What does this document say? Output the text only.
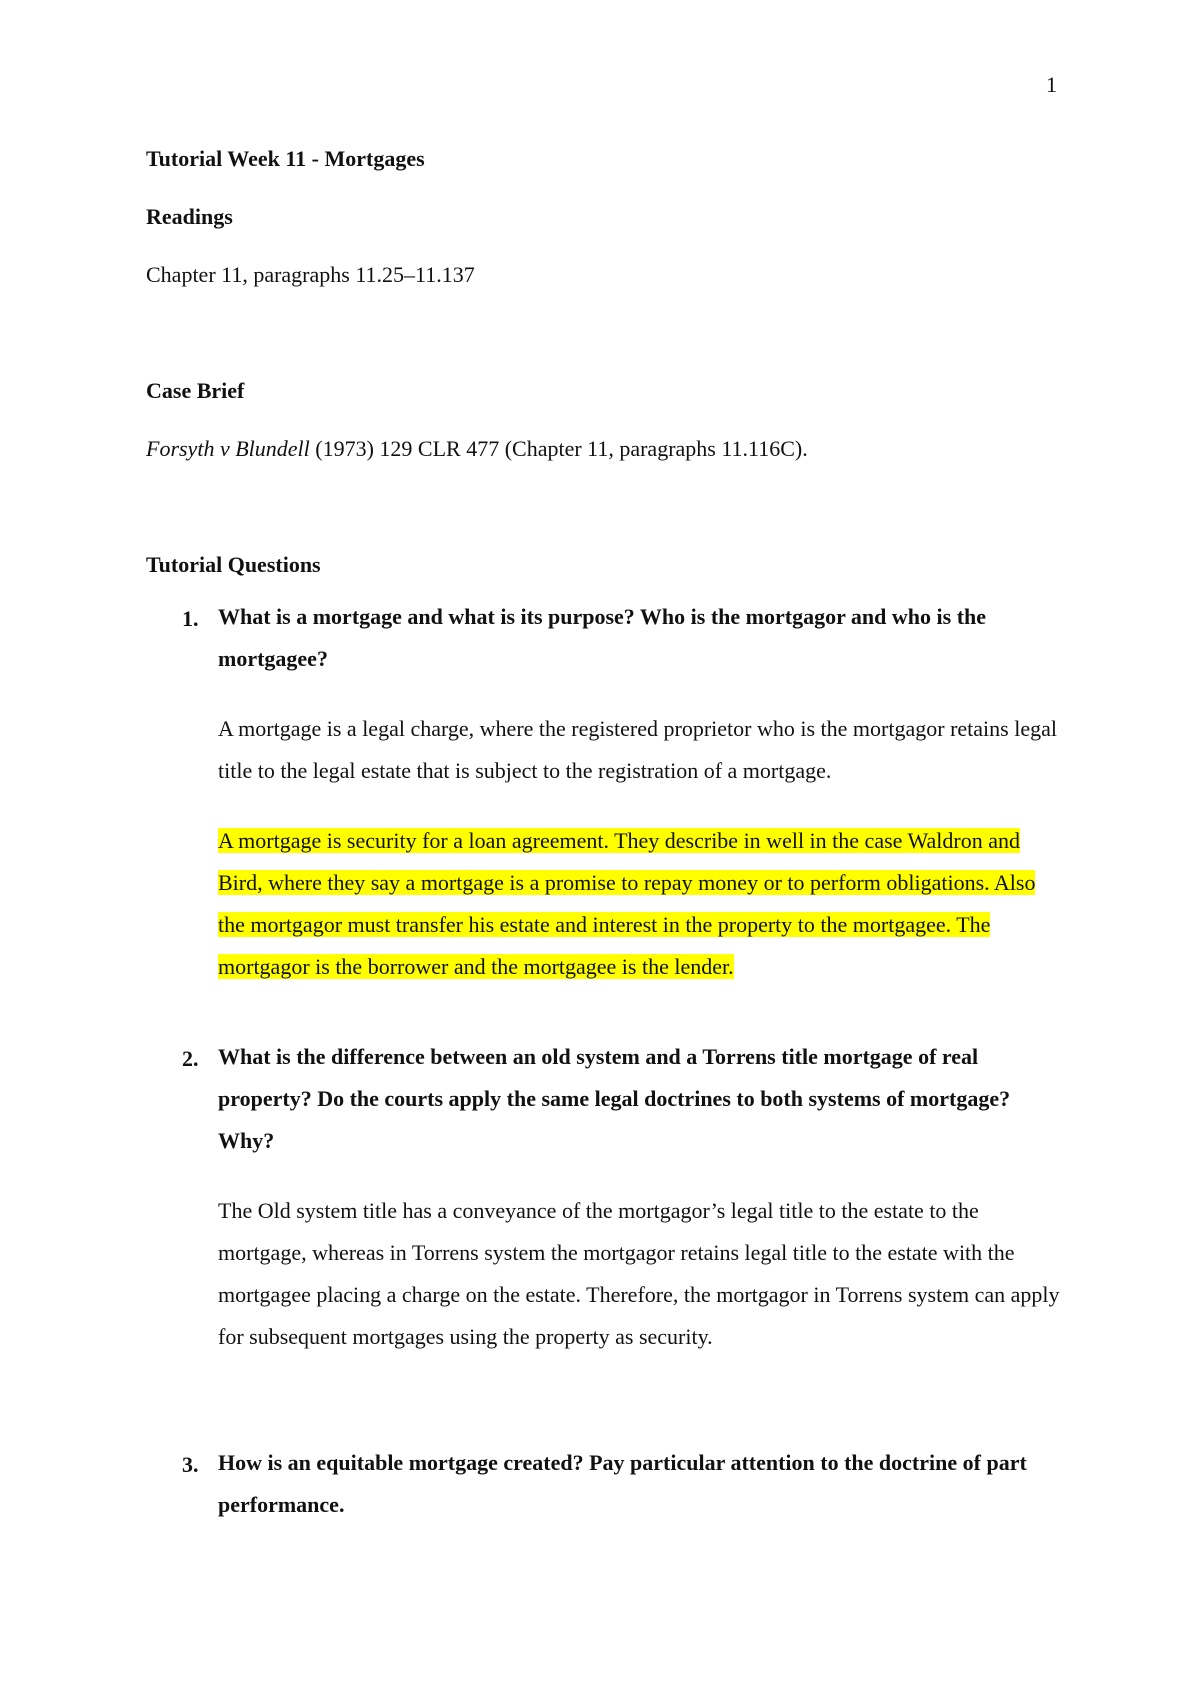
1

Tutorial Week 11 - Mortgages

Readings

Chapter 11, paragraphs 11.25–11.137

Case Brief

Forsyth v Blundell (1973) 129 CLR 477 (Chapter 11, paragraphs 11.116C).

Tutorial Questions

1. What is a mortgage and what is its purpose? Who is the mortgagor and who is the mortgagee?

A mortgage is a legal charge, where the registered proprietor who is the mortgagor retains legal title to the legal estate that is subject to the registration of a mortgage.

A mortgage is security for a loan agreement. They describe in well in the case Waldron and Bird, where they say a mortgage is a promise to repay money or to perform obligations. Also the mortgagor must transfer his estate and interest in the property to the mortgagee. The mortgagor is the borrower and the mortgagee is the lender.

2. What is the difference between an old system and a Torrens title mortgage of real property? Do the courts apply the same legal doctrines to both systems of mortgage? Why?

The Old system title has a conveyance of the mortgagor’s legal title to the estate to the mortgage, whereas in Torrens system the mortgagor retains legal title to the estate with the mortgagee placing a charge on the estate. Therefore, the mortgagor in Torrens system can apply for subsequent mortgages using the property as security.

3. How is an equitable mortgage created? Pay particular attention to the doctrine of part performance.
